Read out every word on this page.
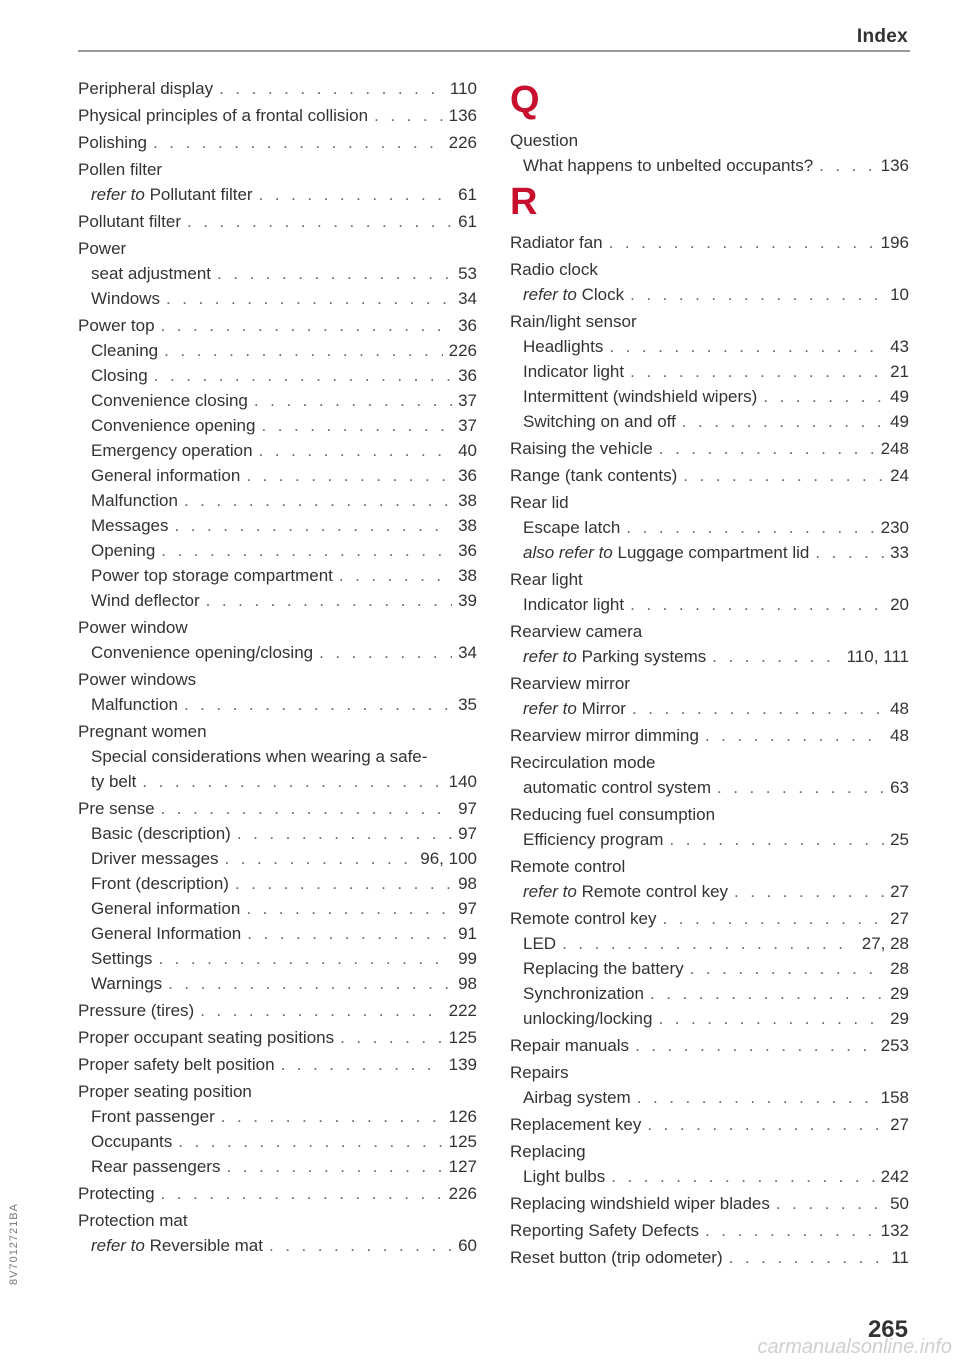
Index
Peripheral display . . .	110
Physical principles of a frontal collision . . .	136
Polishing . . .	226
Pollen filter
refer to Pollutant filter . . .	61
Pollutant filter . . .	61
Power
seat adjustment . . .	53
Windows . . .	34
Power top . . .	36
Cleaning . . .	226
Closing . . .	36
Convenience closing . . .	37
Convenience opening . . .	37
Emergency operation . . .	40
General information . . .	36
Malfunction . . .	38
Messages . . .	38
Opening . . .	36
Power top storage compartment . . .	38
Wind deflector . . .	39
Power window
Convenience opening/closing . . .	34
Power windows
Malfunction . . .	35
Pregnant women
Special considerations when wearing a safe-
ty belt . . .	140
Pre sense . . .	97
Basic (description) . . .	97
Driver messages . . .	96, 100
Front (description) . . .	98
General information . . .	97
General Information . . .	91
Settings . . .	99
Warnings . . .	98
Pressure (tires) . . .	222
Proper occupant seating positions . . .	125
Proper safety belt position . . .	139
Proper seating position
Front passenger . . .	126
Occupants . . .	125
Rear passengers . . .	127
Protecting . . .	226
Protection mat
refer to Reversible mat . . .	60
Q
Question
What happens to unbelted occupants? . . .	136
R
Radiator fan . . .	196
Radio clock
refer to Clock . . .	10
Rain/light sensor
Headlights . . .	43
Indicator light . . .	21
Intermittent (windshield wipers) . . .	49
Switching on and off . . .	49
Raising the vehicle . . .	248
Range (tank contents) . . .	24
Rear lid
Escape latch . . .	230
also refer to Luggage compartment lid . . .	33
Rear light
Indicator light . . .	20
Rearview camera
refer to Parking systems . . .	110, 111
Rearview mirror
refer to Mirror . . .	48
Rearview mirror dimming . . .	48
Recirculation mode
automatic control system . . .	63
Reducing fuel consumption
Efficiency program . . .	25
Remote control
refer to Remote control key . . .	27
Remote control key . . .	27
LED . . .	27, 28
Replacing the battery . . .	28
Synchronization . . .	29
unlocking/locking . . .	29
Repair manuals . . .	253
Repairs
Airbag system . . .	158
Replacement key . . .	27
Replacing
Light bulbs . . .	242
Replacing windshield wiper blades . . .	50
Reporting Safety Defects . . .	132
Reset button (trip odometer) . . .	11
8V7012721BA
265
carmanualsonline.info
